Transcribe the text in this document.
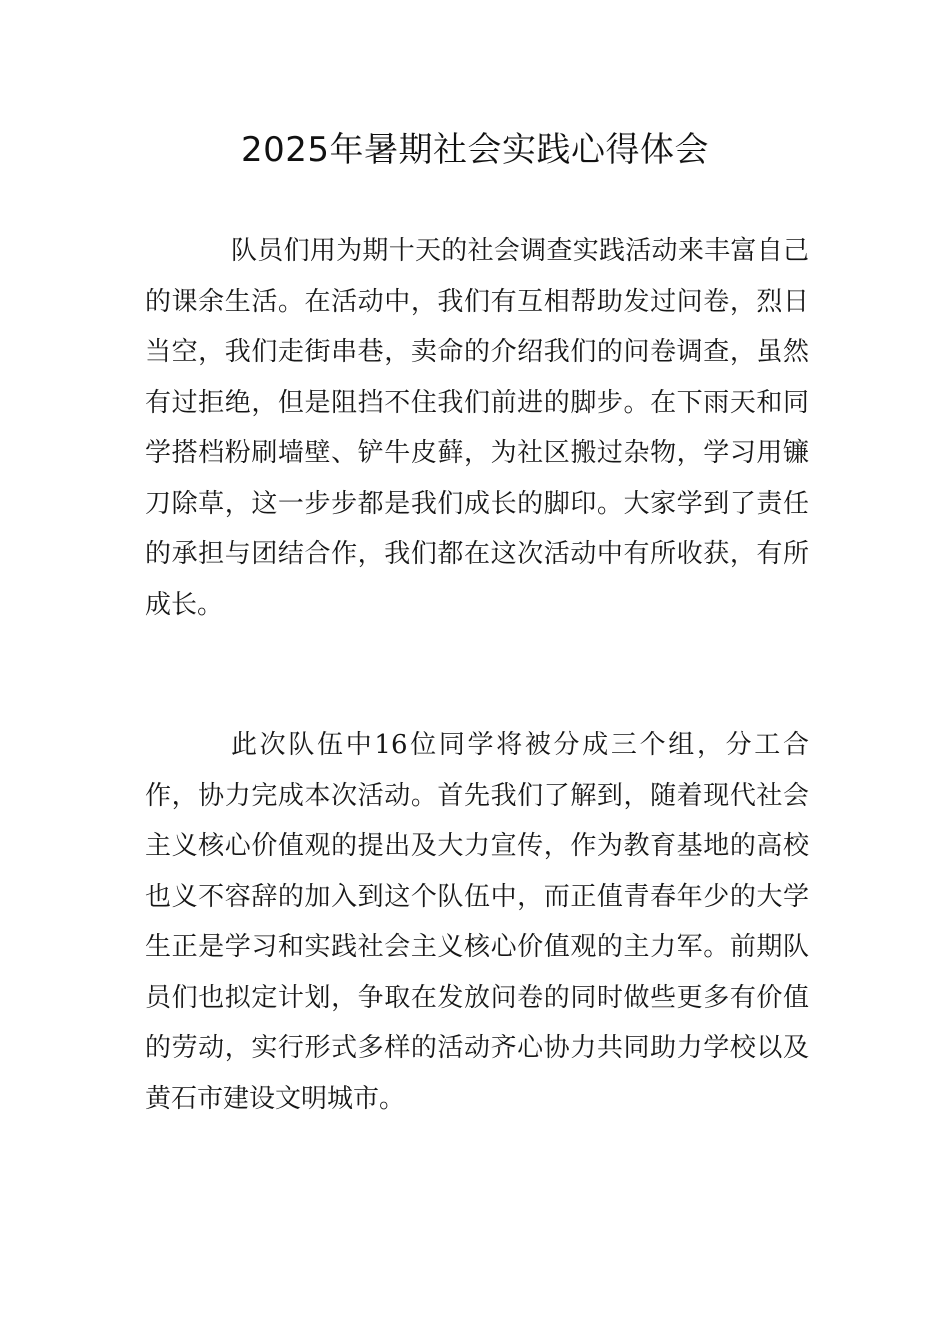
2025年暑期社会实践心得体会

队员们用为期十天的社会调查实践活动来丰富自己的课余生活。在活动中，我们有互相帮助发过问卷，烈日当空，我们走街串巷，卖命的介绍我们的问卷调查，虽然有过拒绝，但是阻挡不住我们前进的脚步。在下雨天和同学搭档粉刷墙壁、铲牛皮藓，为社区搬过杂物，学习用镰刀除草，这一步步都是我们成长的脚印。大家学到了责任的承担与团结合作，我们都在这次活动中有所收获，有所成长。

此次队伍中16位同学将被分成三个组，分工合作，协力完成本次活动。首先我们了解到，随着现代社会主义核心价值观的提出及大力宣传，作为教育基地的高校也义不容辞的加入到这个队伍中，而正值青春年少的大学生正是学习和实践社会主义核心价值观的主力军。前期队员们也拟定计划，争取在发放问卷的同时做些更多有价值的劳动，实行形式多样的活动齐心协力共同助力学校以及黄石市建设文明城市。
